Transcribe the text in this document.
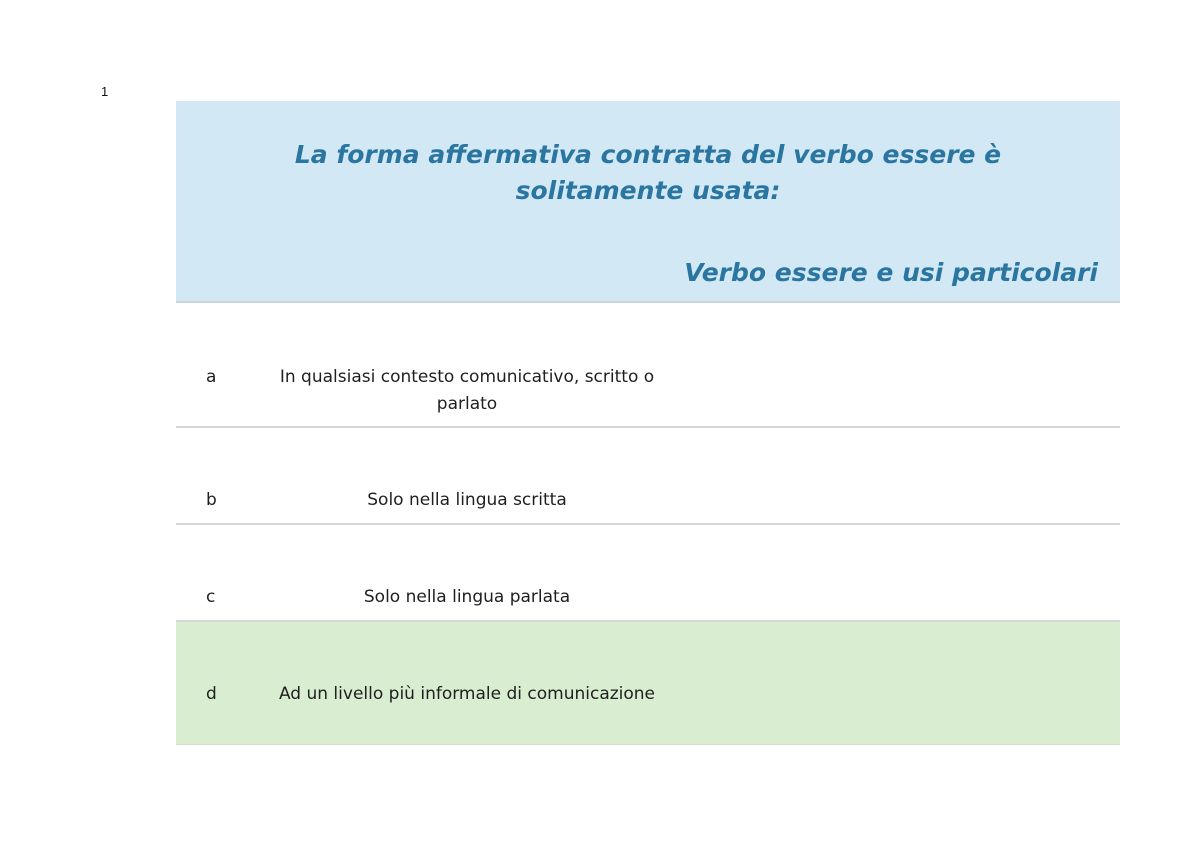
1
La forma affermativa contratta del verbo essere è solitamente usata:
Verbo essere e usi particolari
a	In qualsiasi contesto comunicativo, scritto o parlato
b	Solo nella lingua scritta
c	Solo nella lingua parlata
d	Ad un livello più informale di comunicazione
